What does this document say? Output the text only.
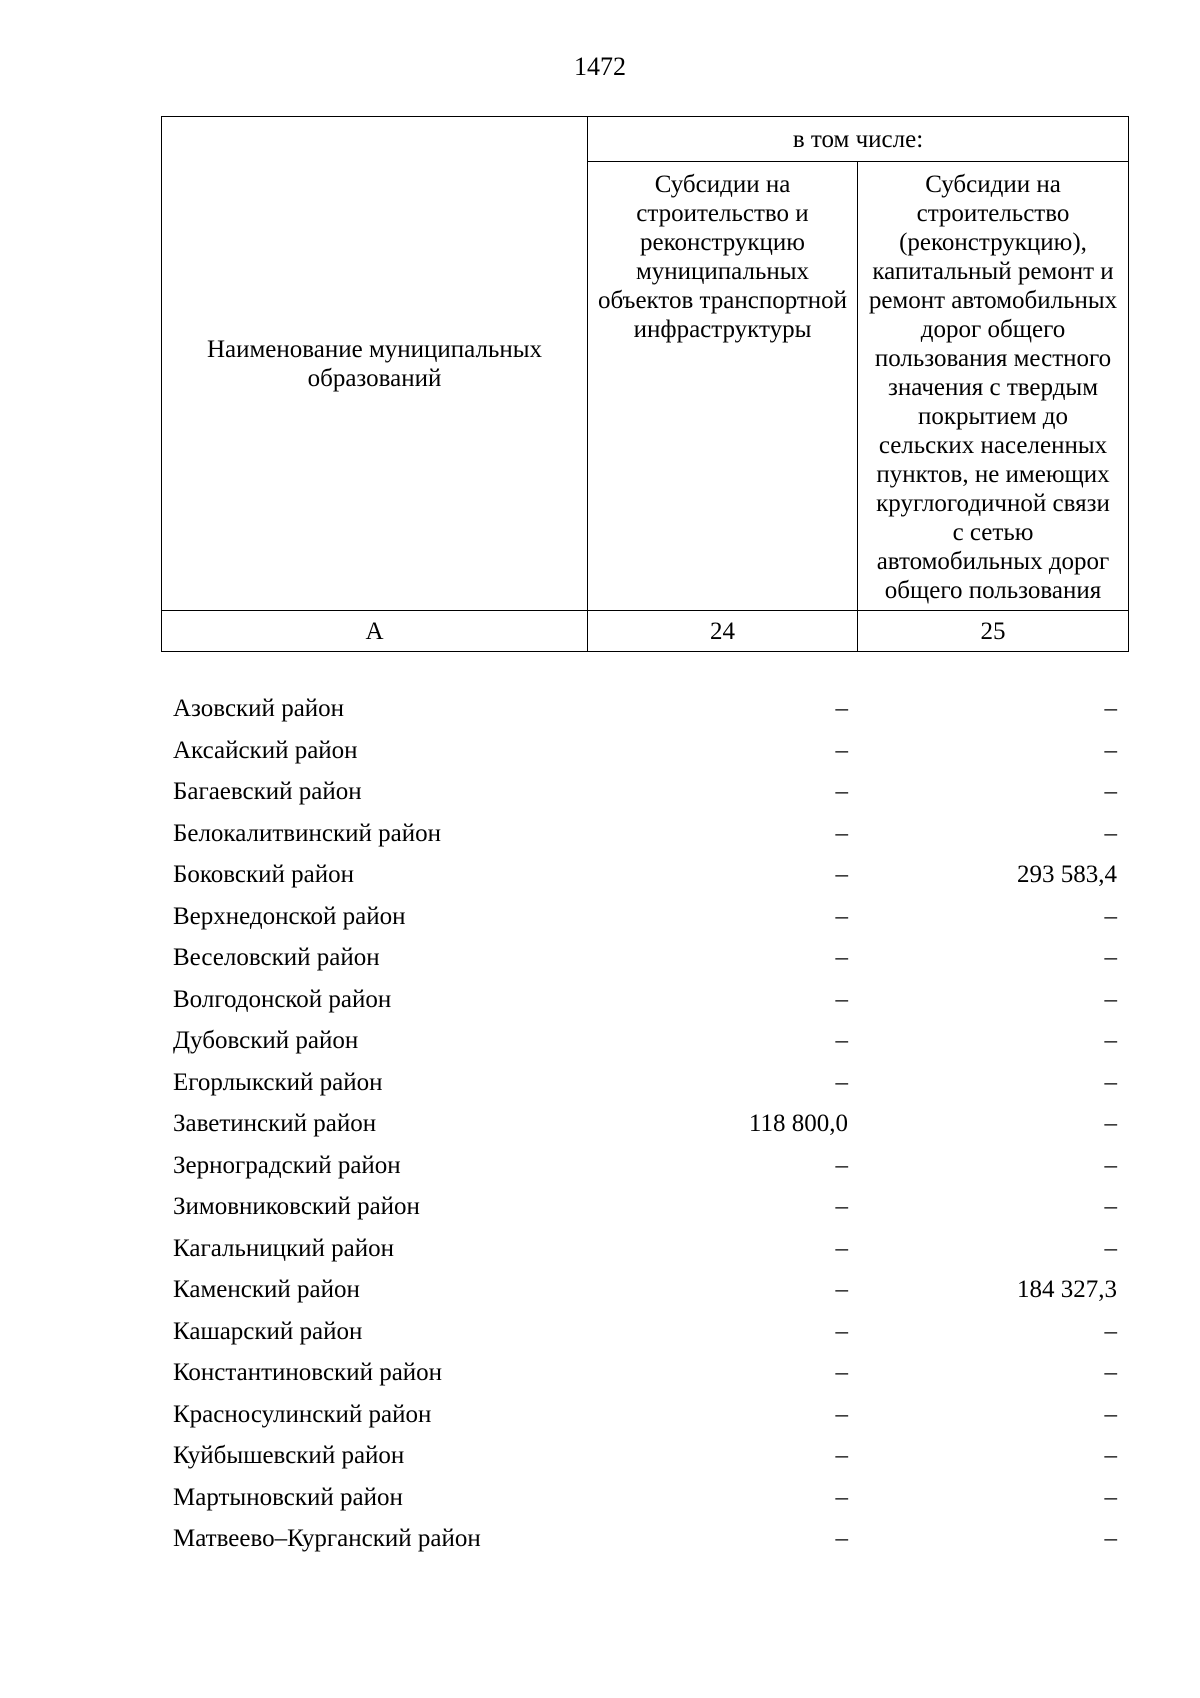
1472
Наименование муниципальных образований	в том числе:	
	Субсидии на строительство и реконструкцию муниципальных объектов транспортной инфраструктуры	Субсидии на строительство (реконструкцию), капитальный ремонт и ремонт автомобильных дорог общего пользования местного значения с твердым покрытием до сельских населенных пунктов, не имеющих круглогодичной связи с сетью автомобильных дорог общего пользования
А	24	25
Азовский район	–	–
Аксайский район	–	–
Багаевский район	–	–
Белокалитвинский район	–	–
Боковский район	–	293 583,4
Верхнедонской район	–	–
Веселовский район	–	–
Волгодонской район	–	–
Дубовский район	–	–
Егорлыкский район	–	–
Заветинский район	118 800,0	–
Зерноградский район	–	–
Зимовниковский район	–	–
Кагальницкий район	–	–
Каменский район	–	184 327,3
Кашарский район	–	–
Константиновский район	–	–
Красносулинский район	–	–
Куйбышевский район	–	–
Мартыновский район	–	–
Матвеево–Курганский район	–	–
